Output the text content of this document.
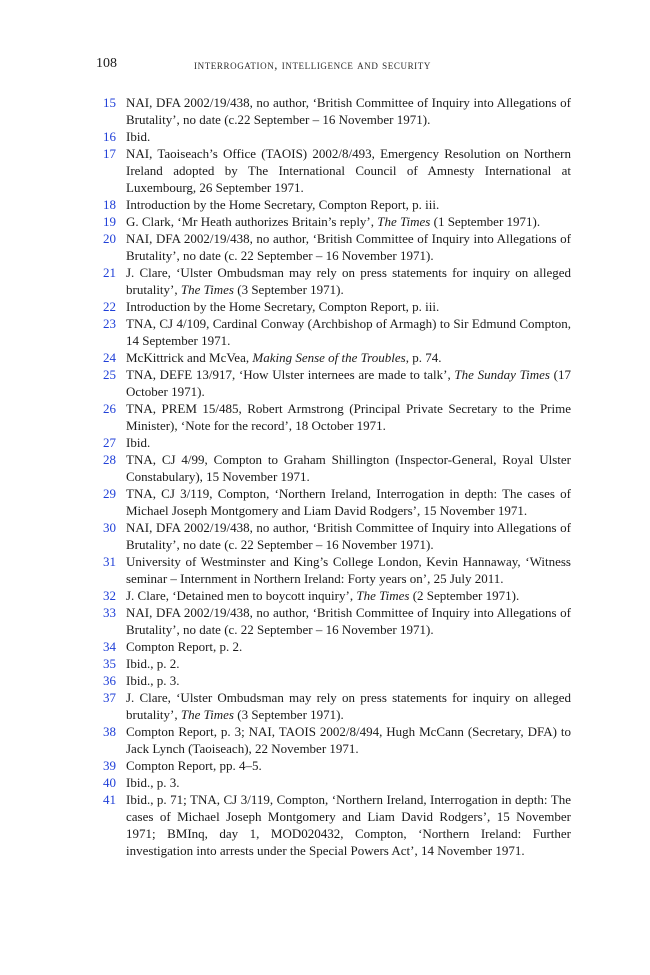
108	interrogation, intelligence and security
15 NAI, DFA 2002/19/438, no author, ‘British Committee of Inquiry into Allegations of Brutality’, no date (c.22 September – 16 November 1971).
16 Ibid.
17 NAI, Taoiseach’s Office (TAOIS) 2002/8/493, Emergency Resolution on Northern Ireland adopted by The International Council of Amnesty International at Luxembourg, 26 September 1971.
18 Introduction by the Home Secretary, Compton Report, p. iii.
19 G. Clark, ‘Mr Heath authorizes Britain’s reply’, The Times (1 September 1971).
20 NAI, DFA 2002/19/438, no author, ‘British Committee of Inquiry into Allegations of Brutality’, no date (c. 22 September – 16 November 1971).
21 J. Clare, ‘Ulster Ombudsman may rely on press statements for inquiry on alleged brutality’, The Times (3 September 1971).
22 Introduction by the Home Secretary, Compton Report, p. iii.
23 TNA, CJ 4/109, Cardinal Conway (Archbishop of Armagh) to Sir Edmund Compton, 14 September 1971.
24 McKittrick and McVea, Making Sense of the Troubles, p. 74.
25 TNA, DEFE 13/917, ‘How Ulster internees are made to talk’, The Sunday Times (17 October 1971).
26 TNA, PREM 15/485, Robert Armstrong (Principal Private Secretary to the Prime Minister), ‘Note for the record’, 18 October 1971.
27 Ibid.
28 TNA, CJ 4/99, Compton to Graham Shillington (Inspector-General, Royal Ulster Constabulary), 15 November 1971.
29 TNA, CJ 3/119, Compton, ‘Northern Ireland, Interrogation in depth: The cases of Michael Joseph Montgomery and Liam David Rodgers’, 15 November 1971.
30 NAI, DFA 2002/19/438, no author, ‘British Committee of Inquiry into Allegations of Brutality’, no date (c. 22 September – 16 November 1971).
31 University of Westminster and King’s College London, Kevin Hannaway, ‘Witness seminar – Internment in Northern Ireland: Forty years on’, 25 July 2011.
32 J. Clare, ‘Detained men to boycott inquiry’, The Times (2 September 1971).
33 NAI, DFA 2002/19/438, no author, ‘British Committee of Inquiry into Allegations of Brutality’, no date (c. 22 September – 16 November 1971).
34 Compton Report, p. 2.
35 Ibid., p. 2.
36 Ibid., p. 3.
37 J. Clare, ‘Ulster Ombudsman may rely on press statements for inquiry on alleged brutality’, The Times (3 September 1971).
38 Compton Report, p. 3; NAI, TAOIS 2002/8/494, Hugh McCann (Secretary, DFA) to Jack Lynch (Taoiseach), 22 November 1971.
39 Compton Report, pp. 4–5.
40 Ibid., p. 3.
41 Ibid., p. 71; TNA, CJ 3/119, Compton, ‘Northern Ireland, Interrogation in depth: The cases of Michael Joseph Montgomery and Liam David Rodgers’, 15 November 1971; BMInq, day 1, MOD020432, Compton, ‘Northern Ireland: Further investigation into arrests under the Special Powers Act’, 14 November 1971.
